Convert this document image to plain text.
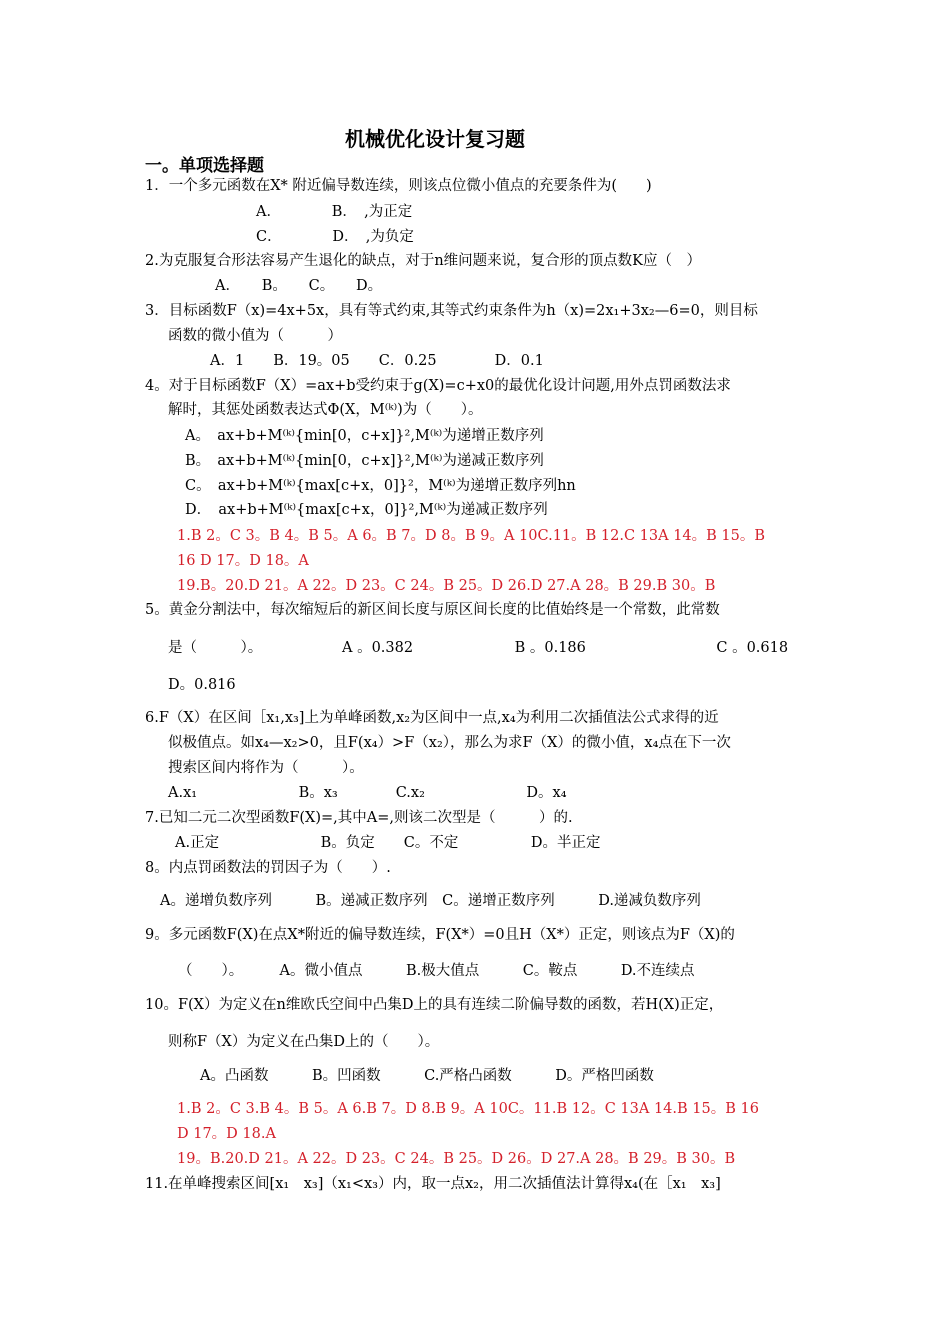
机械优化设计复习题
一。单项选择题
1．一个多元函数在X* 附近偏导数连续，则该点位微小值点的充要条件为(　　)
A．　　　　B．　,为正定
C．　　　　D．　,为负定
2.为克服复合形法容易产生退化的缺点，对于n维问题来说，复合形的顶点数K应（　）
A．　　B。　　C。　　D。
3．目标函数F（x)=4x+5x，具有等式约束,其等式约束条件为h（x)=2x₁+3x₂—6=0，则目标
函数的微小值为（　　　）
A．1　　B．19。05　　C．0.25　　　　D．0.1
4。对于目标函数F（X）=ax+b受约束于g(X)=c+x0的最优化设计问题,用外点罚函数法求
解时，其惩处函数表达式Φ(X，M⁽ᵏ⁾)为（　　）。
A。　ax+b+M⁽ᵏ⁾{min[0，c+x]}²,M⁽ᵏ⁾为递增正数序列
B。　ax+b+M⁽ᵏ⁾{min[0，c+x]}²,M⁽ᵏ⁾为递减正数序列
C。　ax+b+M⁽ᵏ⁾{max[c+x，0]}²，M⁽ᵏ⁾为递增正数序列hn
D．　ax+b+M⁽ᵏ⁾{max[c+x，0]}²,M⁽ᵏ⁾为递减正数序列
1.B 2。C 3。B 4。B 5。A 6。B 7。D 8。B 9。A 10C.11。B 12.C 13A 14。B 15。B
16 D 17。D 18。A
19.B。20.D 21。A 22。D 23。C 24。B 25。D 26.D 27.A 28。B 29.B 30。B
5。黄金分割法中，每次缩短后的新区间长度与原区间长度的比值始终是一个常数，此常数
是（　　　）。　　　　　　A 。0.382　　　　　　　B 。0.186　　　　　　　　　C 。0.618
D。0.816
6.F（X）在区间［x₁,x₃]上为单峰函数,x₂为区间中一点,x₄为利用二次插值法公式求得的近
似极值点。如x₄—x₂>0，且F(x₄）>F（x₂），那么为求F（X）的微小值，x₄点在下一次
搜索区间内将作为（　　　）。
A.x₁　　　　　　　B。x₃　　　　C.x₂　　　　　　　D。x₄
7.已知二元二次型函数F(X)=,其中A=,则该二次型是（　　　）的.
A.正定　　　　　　　B。负定　　C。不定　　　　　D。半正定
8。内点罚函数法的罚因子为（　　）.
A。递增负数序列　　　B。递减正数序列　C。递增正数序列　　　D.递减负数序列
9。多元函数F(X)在点X*附近的偏导数连续，F(X*）=0且H（X*）正定，则该点为F（X)的
（　　）。　　　A。微小值点　　　B.极大值点　　　C。鞍点　　　D.不连续点
10。F(X）为定义在n维欧氏空间中凸集D上的具有连续二阶偏导数的函数，若H(X)正定，
则称F（X）为定义在凸集D上的（　　）。
A。凸函数　　　B。凹函数　　　C.严格凸函数　　　D。严格凹函数
1.B 2。C 3.B 4。B 5。A 6.B 7。D 8.B 9。A 10C。11.B 12。C 13A 14.B 15。B 16
D 17。D 18.A
19。B.20.D 21。A 22。D 23。C 24。B 25。D 26。D 27.A 28。B 29。B 30。B
11.在单峰搜索区间[x₁　x₃]（x₁<x₃）内，取一点x₂，用二次插值法计算得x₄(在［x₁　x₃]
